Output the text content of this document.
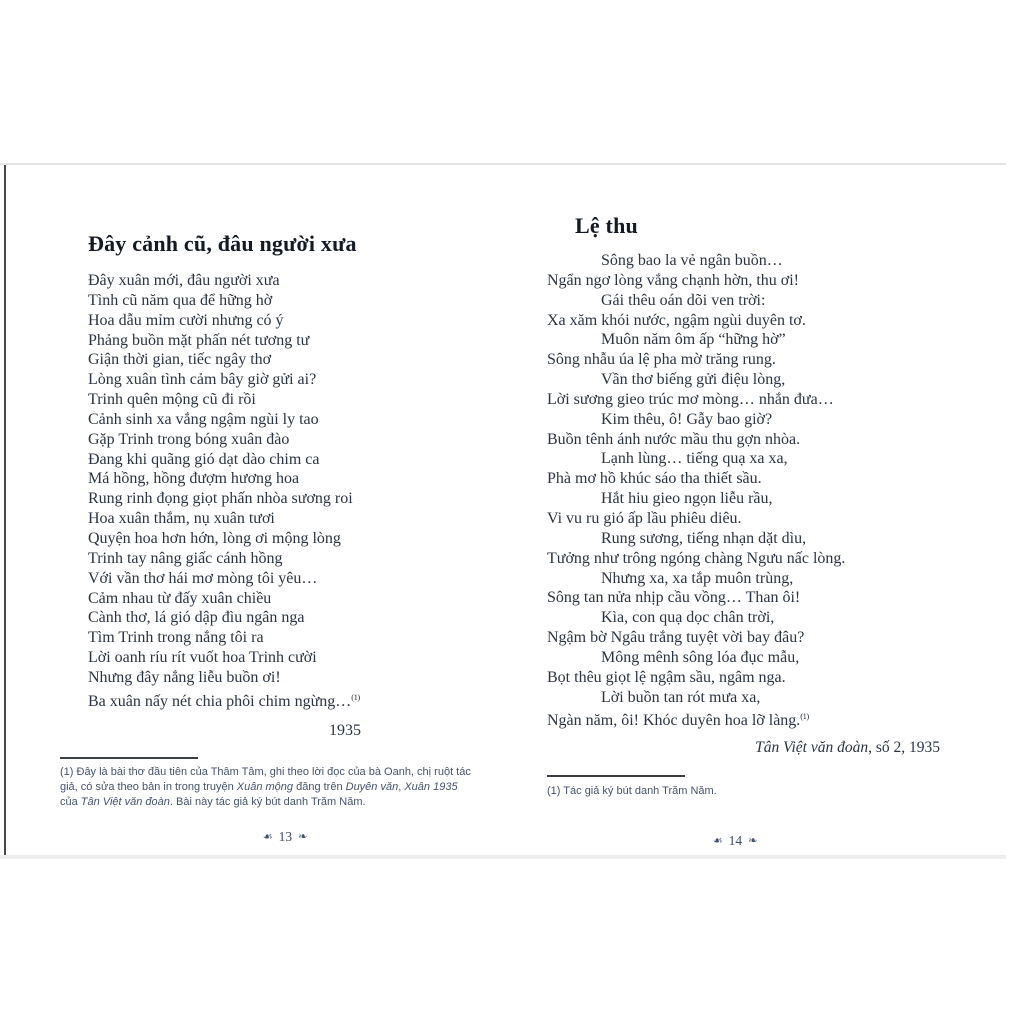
Đây cảnh cũ, đâu người xưa
Đây xuân mới, đâu người xưa
Tình cũ năm qua để hững hờ
Hoa dẫu mỉm cười nhưng có ý
Phảng buồn mặt phấn nét tương tư
Giận thời gian, tiếc ngây thơ
Lòng xuân tình cảm bây giờ gửi ai?
Trinh quên mộng cũ đi rồi
Cảnh sinh xa vắng ngậm ngùi ly tao
Gặp Trinh trong bóng xuân đào
Đang khi quãng gió dạt dào chim ca
Má hồng, hồng đượm hương hoa
Rung rinh đọng giọt phấn nhòa sương roi
Hoa xuân thắm, nụ xuân tươi
Quyện hoa hơn hớn, lòng ơi mộng lòng
Trinh tay nâng giấc cánh hồng
Với vần thơ hái mơ mòng tôi yêu…
Cảm nhau từ đấy xuân chiều
Cành thơ, lá gió dập đìu ngân nga
Tìm Trinh trong nắng tôi ra
Lời oanh ríu rít vuốt hoa Trinh cười
Nhưng đây nắng liễu buồn ơi!
Ba xuân nấy nét chia phôi chim ngừng…$^{(1)}$
1935
(1) Đây là bài thơ đầu tiên của Thâm Tâm, ghi theo lời đọc của bà Oanh, chị ruột tác giả, có sửa theo bản in trong truyện Xuân mộng đăng trên Duyên văn, Xuân 1935 của Tân Việt văn đoàn. Bài này tác giả ký bút danh Trăm Năm.
☙ 13 ❧
Lệ thu
Sông bao la vẻ ngân buồn…
Ngẩn ngơ lòng vắng chạnh hờn, thu ơi!
Gái thêu oán dõi ven trời:
Xa xăm khói nước, ngậm ngùi duyên tơ.
Muôn năm ôm ấp “hững hờ”
Sông nhẫu úa lệ pha mờ trăng rung.
Vần thơ biếng gửi điệu lòng,
Lời sương gieo trúc mơ mòng… nhắn đưa…
Kim thêu, ô! Gẫy bao giờ?
Buồn tênh ánh nước mầu thu gợn nhòa.
Lạnh lùng… tiếng quạ xa xa,
Phà mơ hồ khúc sáo tha thiết sầu.
Hắt hiu gieo ngọn liễu rầu,
Vi vu ru gió ấp lầu phiêu diêu.
Rung sương, tiếng nhạn dặt dìu,
Tưởng như trông ngóng chàng Ngưu nấc lòng.
Nhưng xa, xa tắp muôn trùng,
Sông tan nửa nhịp cầu vồng… Than ôi!
Kìa, con quạ dọc chân trời,
Ngậm bờ Ngâu trắng tuyệt vời bay đâu?
Mông mênh sông lóa đục mẫu,
Bọt thêu giọt lệ ngậm sầu, ngâm nga.
Lời buồn tan rót mưa xa,
Ngàn năm, ôi! Khóc duyên hoa lỡ làng.$^{(1)}$
Tân Việt văn đoàn, số 2, 1935
(1) Tác giả ký bút danh Trăm Năm.
☙ 14 ❧
